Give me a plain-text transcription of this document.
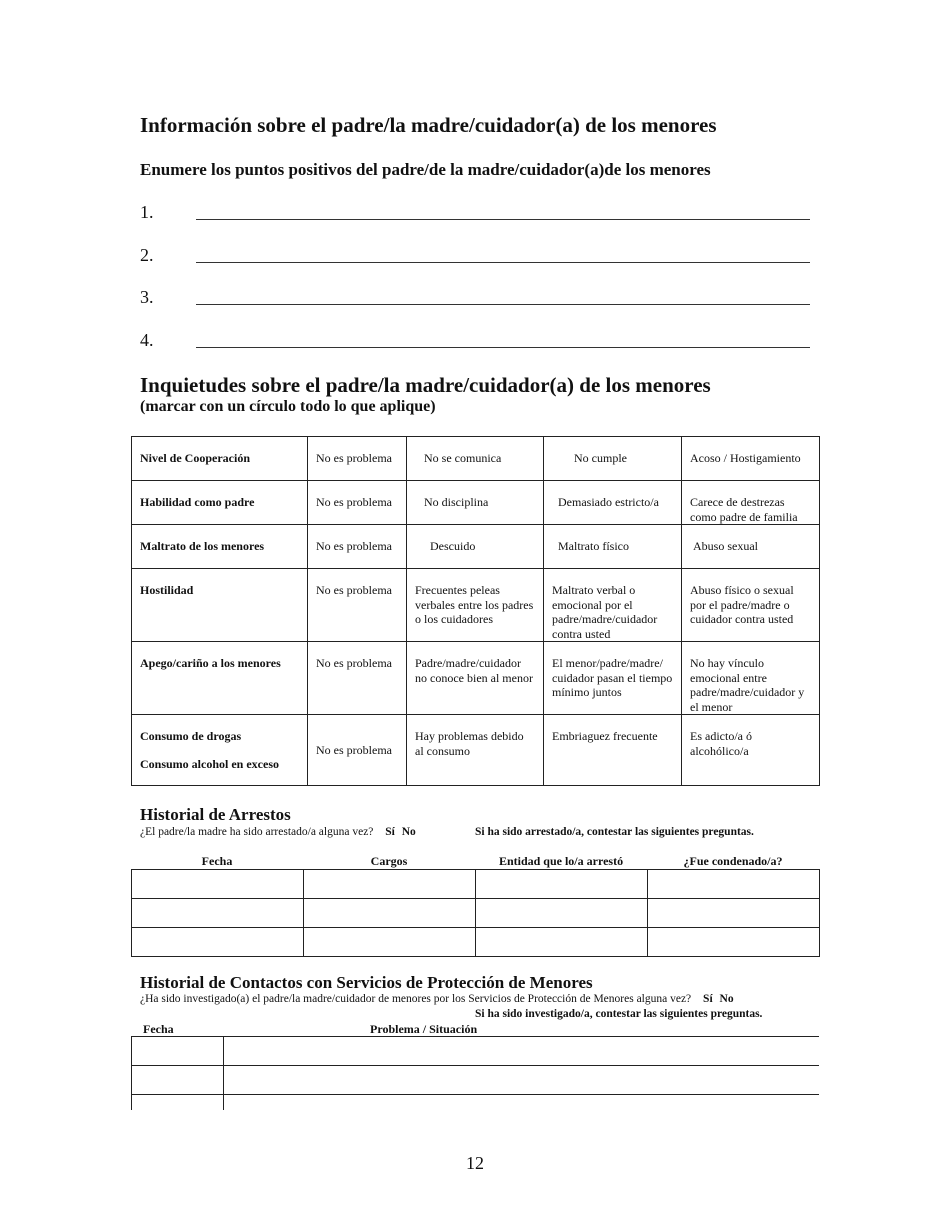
Información sobre el padre/la madre/cuidador(a) de los menores
Enumere los puntos positivos del padre/de la madre/cuidador(a)de los menores
1.
2.
3.
4.
Inquietudes sobre el padre/la madre/cuidador(a) de los menores
(marcar con un círculo todo lo que aplique)
Nivel de Cooperación	No es problema	No se comunica	No cumple	Acoso / Hostigamiento
Habilidad como padre	No es problema	No disciplina	Demasiado estricto/a	Carece de destrezas como padre de familia
Maltrato de los menores	No es problema	Descuido	Maltrato físico	Abuso sexual
Hostilidad	No es problema	Frecuentes peleas verbales entre los padres o los cuidadores	Maltrato verbal o emocional por el padre/madre/cuidador contra usted	Abuso físico o sexual por el padre/madre o cuidador contra usted
Apego/cariño a los menores	No es problema	Padre/madre/cuidador no conoce bien al menor	El menor/padre/madre/ cuidador pasan el tiempo mínimo juntos	No hay vínculo emocional entre padre/madre/cuidador y el menor

Consumo de drogas
Consumo alcohol en exceso	No es problema	Hay problemas debido al consumo	Embriaguez frecuente	Es adicto/a ó alcohólico/a
Historial de Arrestos
¿El padre/la madre ha sido arrestado/a alguna vez? Sí No	Si ha sido arrestado/a, contestar las siguientes preguntas.
Fecha	Cargos	Entidad que lo/a arrestó	¿Fue condenado/a?

Historial de Contactos con Servicios de Protección de Menores
¿Ha sido investigado(a) el padre/la madre/cuidador de menores por los Servicios de Protección de Menores alguna vez? Sí No
Si ha sido investigado/a, contestar las siguientes preguntas.
Fecha	Problema / Situación

12
